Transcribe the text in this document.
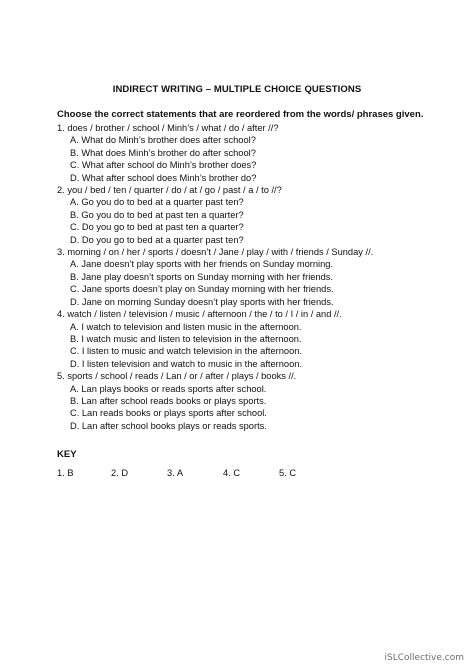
INDIRECT WRITING – MULTIPLE CHOICE QUESTIONS
Choose the correct statements that are reordered from the words/ phrases given.
1. does / brother / school / Minh’s / what / do / after //?
A. What do Minh’s brother does after school?
B. What does Minh’s brother do after school?
C. What after school do Minh’s brother does?
D. What after school does Minh’s brother do?
2. you / bed / ten / quarter / do / at / go / past / a / to //?
A. Go you do to bed at a quarter past ten?
B. Go you do to bed at past ten a quarter?
C. Do you go to bed at past ten a quarter?
D. Do you go to bed at a quarter past ten?
3. morning / on / her / sports / doesn’t / Jane / play / with / friends / Sunday //.
A. Jane doesn’t play sports with her friends on Sunday morning.
B. Jane play doesn’t sports on Sunday morning with her friends.
C. Jane sports doesn’t play on Sunday morning with her friends.
D. Jane on morning Sunday doesn’t play sports with her friends.
4. watch / listen / television / music / afternoon / the / to / I / in / and //.
A. I watch to television and listen music in the afternoon.
B. I watch music and listen to television in the afternoon.
C. I listen to music and watch television in the afternoon.
D. I listen television and watch to music in the afternoon.
5. sports / school / reads / Lan / or / after / plays / books //.
A. Lan plays books or reads sports after school.
B. Lan after school reads books or plays sports.
C. Lan reads books or plays sports after school.
D. Lan after school books plays or reads sports.
KEY
1. B	2. D	3. A	4. C	5. C
iSLCollective.com
